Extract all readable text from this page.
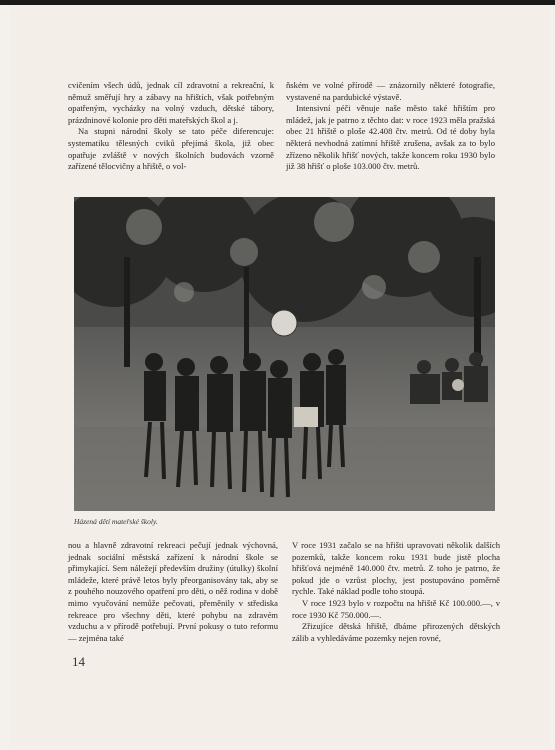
cvičením všech údů, jednak cíl zdravotní a rekreační, k němuž směřují hry a zábavy na hřištích, však potřebným opatřeným, vycházky na volný vzduch, dětské tábory, prázdninové kolonie pro děti mateřských škol a j.

Na stupni národní školy se tato péče diferencuje: systematiku tělesných cviků přejímá škola, již obec opatřuje zvláště v nových školních budovách vzorně zařízené tělocvičny a hřiště, o vol-

ňském ve volné přírodě — znázornily některé fotografie, vystavené na pardubické výstavě.

Intensivní péči věnuje naše město také hřištím pro mládež, jak je patrno z těchto dat: v roce 1923 měla pražská obec 21 hřiště o ploše 42.408 čtv. metrů. Od té doby byla některá nevhodná zatímní hřiště zrušena, avšak za to bylo zřízeno několik hřišť nových, takže koncem roku 1930 bylo již 38 hřišť o ploše 103.000 čtv. metrů.

Házená dětí mateřské školy.

nou a hlavně zdravotní rekreaci pečují jednak výchovná, jednak sociální městská zařízení k národní škole se přimykající. Sem náležejí především družiny (útulky) školní mládeže, které právě letos byly přeorganisovány tak, aby se z pouhého nouzového opatření pro děti, o něž rodina v době mimo vyučování nemůže pečovati, přeměnily v střediska rekreace pro všechny děti, které pohybu na zdravém vzduchu a v přírodě potřebují. První pokusy o tuto reformu — zejména také

V roce 1931 začalo se na hřišti upravovati několik dalších pozemků, takže koncem roku 1931 bude jistě plocha hřišťová nejméně 140.000 čtv. metrů. Z toho je patrno, že pokud jde o vzrůst plochy, jest postupováno poměrně rychle. Také náklad podle toho stoupá.

V roce 1923 bylo v rozpočtu na hřiště Kč 100.000.—, v roce 1930 Kč 750.000.—.

Zřizujíce dětská hřiště, dbáme přirozených dětských zálib a vyhledáváme pozemky nejen rovné,

14
